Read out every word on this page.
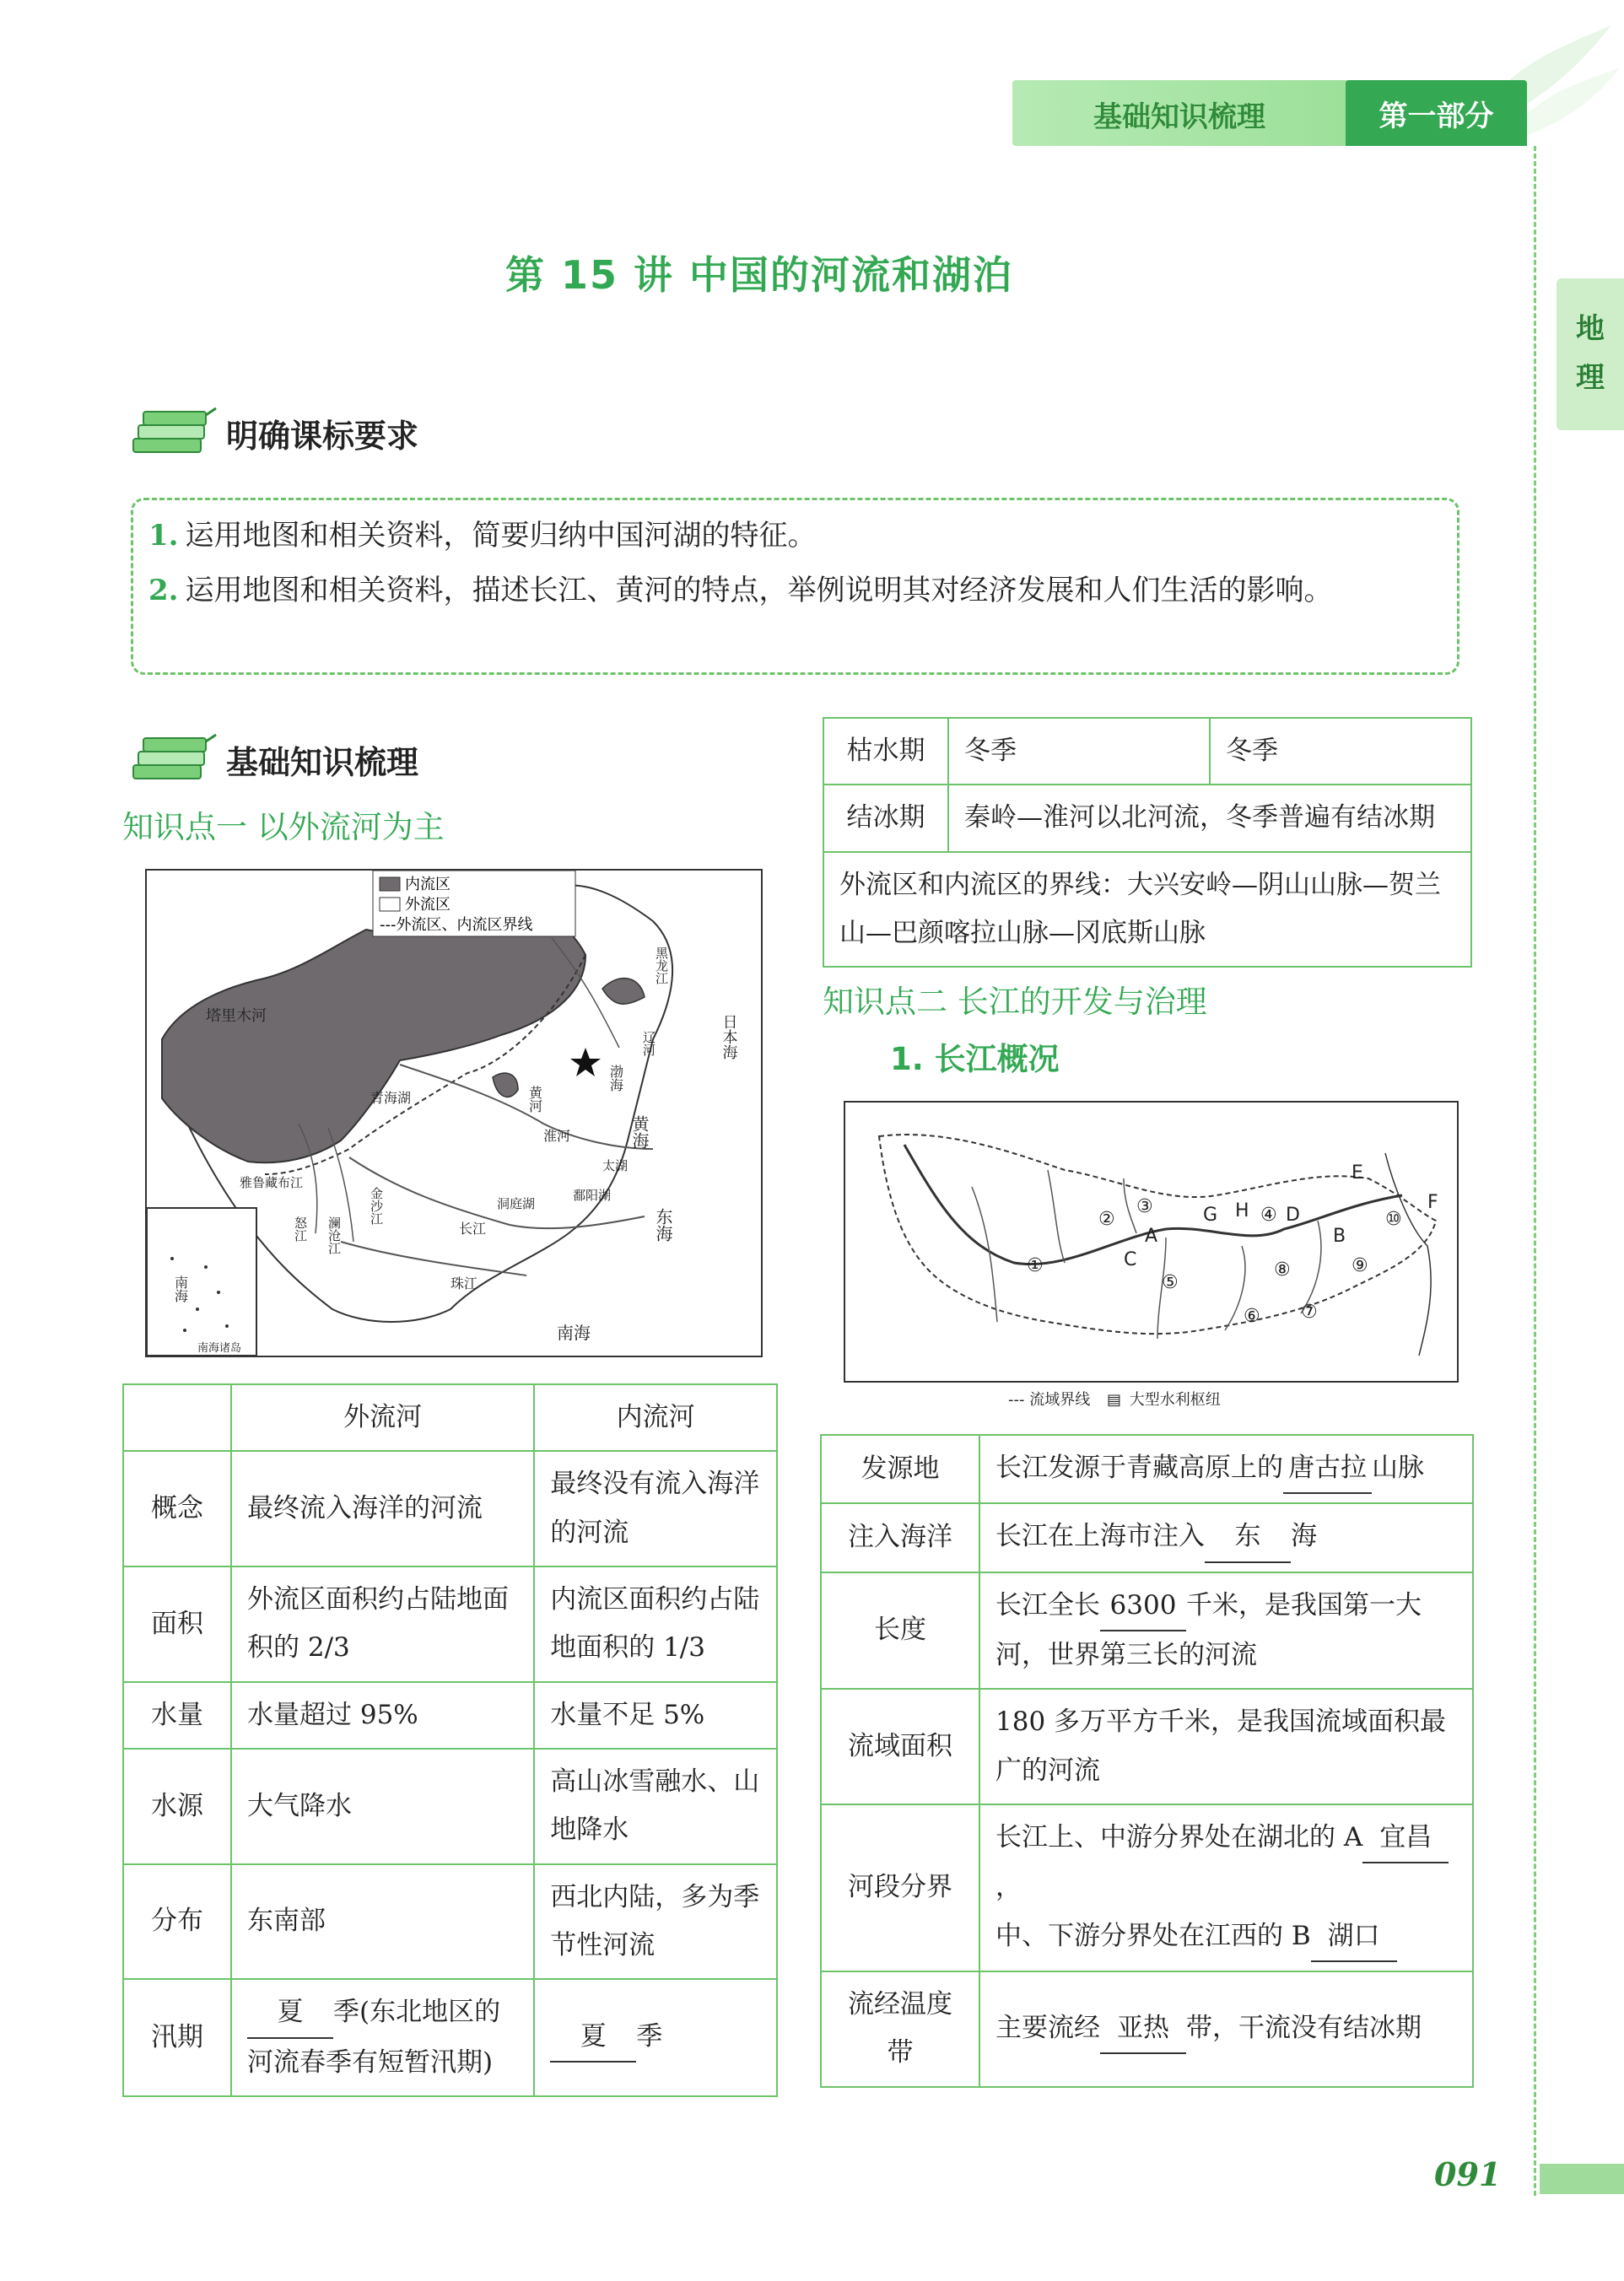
基础知识梳理	第一部分
地
理
第 15 讲 中国的河流和湖泊
明确课标要求
1. 运用地图和相关资料，简要归纳中国河湖的特征。
2. 运用地图和相关资料，描述长江、黄河的特点，举例说明其对经济发展和人们生活的影响。
基础知识梳理
知识点一 以外流河为主
内流区
外流区
---外流区、内流区界线
塔里木河
青海湖
黄海
东海
南海
日本海
渤海
洞庭湖
鄱阳湖
太湖
雅鲁藏布江
黄河
长江
淮河
珠江
怒江 澜沧江
金沙江
辽河
黑龙江
南海
南海诸岛
	外流河	内流河
概念	最终流入海洋的河流	最终没有流入海洋的河流
面积	外流区面积约占陆地面积的 2/3	内流区面积约占陆地面积的 1/3
水量	水量超过 95%	水量不足 5%
水源	大气降水	高山冰雪融水、山地降水
分布	东南部	西北内陆，多为季节性河流
汛期	夏 季(东北地区的河流春季有短暂汛期)	夏 季
枯水期	冬季	冬季
结冰期	秦岭—淮河以北河流，冬季普遍有结冰期	
外流区和内流区的界线：大兴安岭—阴山山脉—贺兰山—巴颜喀拉山脉—冈底斯山脉		
知识点二 长江的开发与治理
1. 长江概况
A	B
C
D
E
F
G H
①
②
③	④
⑤
⑥ ⑦
⑧	⑨
⑩
--- 流域界线 ▤ 大型水利枢纽
发源地	长江发源于青藏高原上的 唐古拉 山脉
注入海洋	长江在上海市注入 东 海
长度	长江全长 6300 千米，是我国第一大河，世界第三长的河流
流域面积	180 多万平方千米，是我国流域面积最广的河流
河段分界	长江上、中游分界处在湖北的 A 宜昌，
中、下游分界处在江西的 B 湖口
流经温度带	主要流经 亚热 带，干流没有结冰期
091
